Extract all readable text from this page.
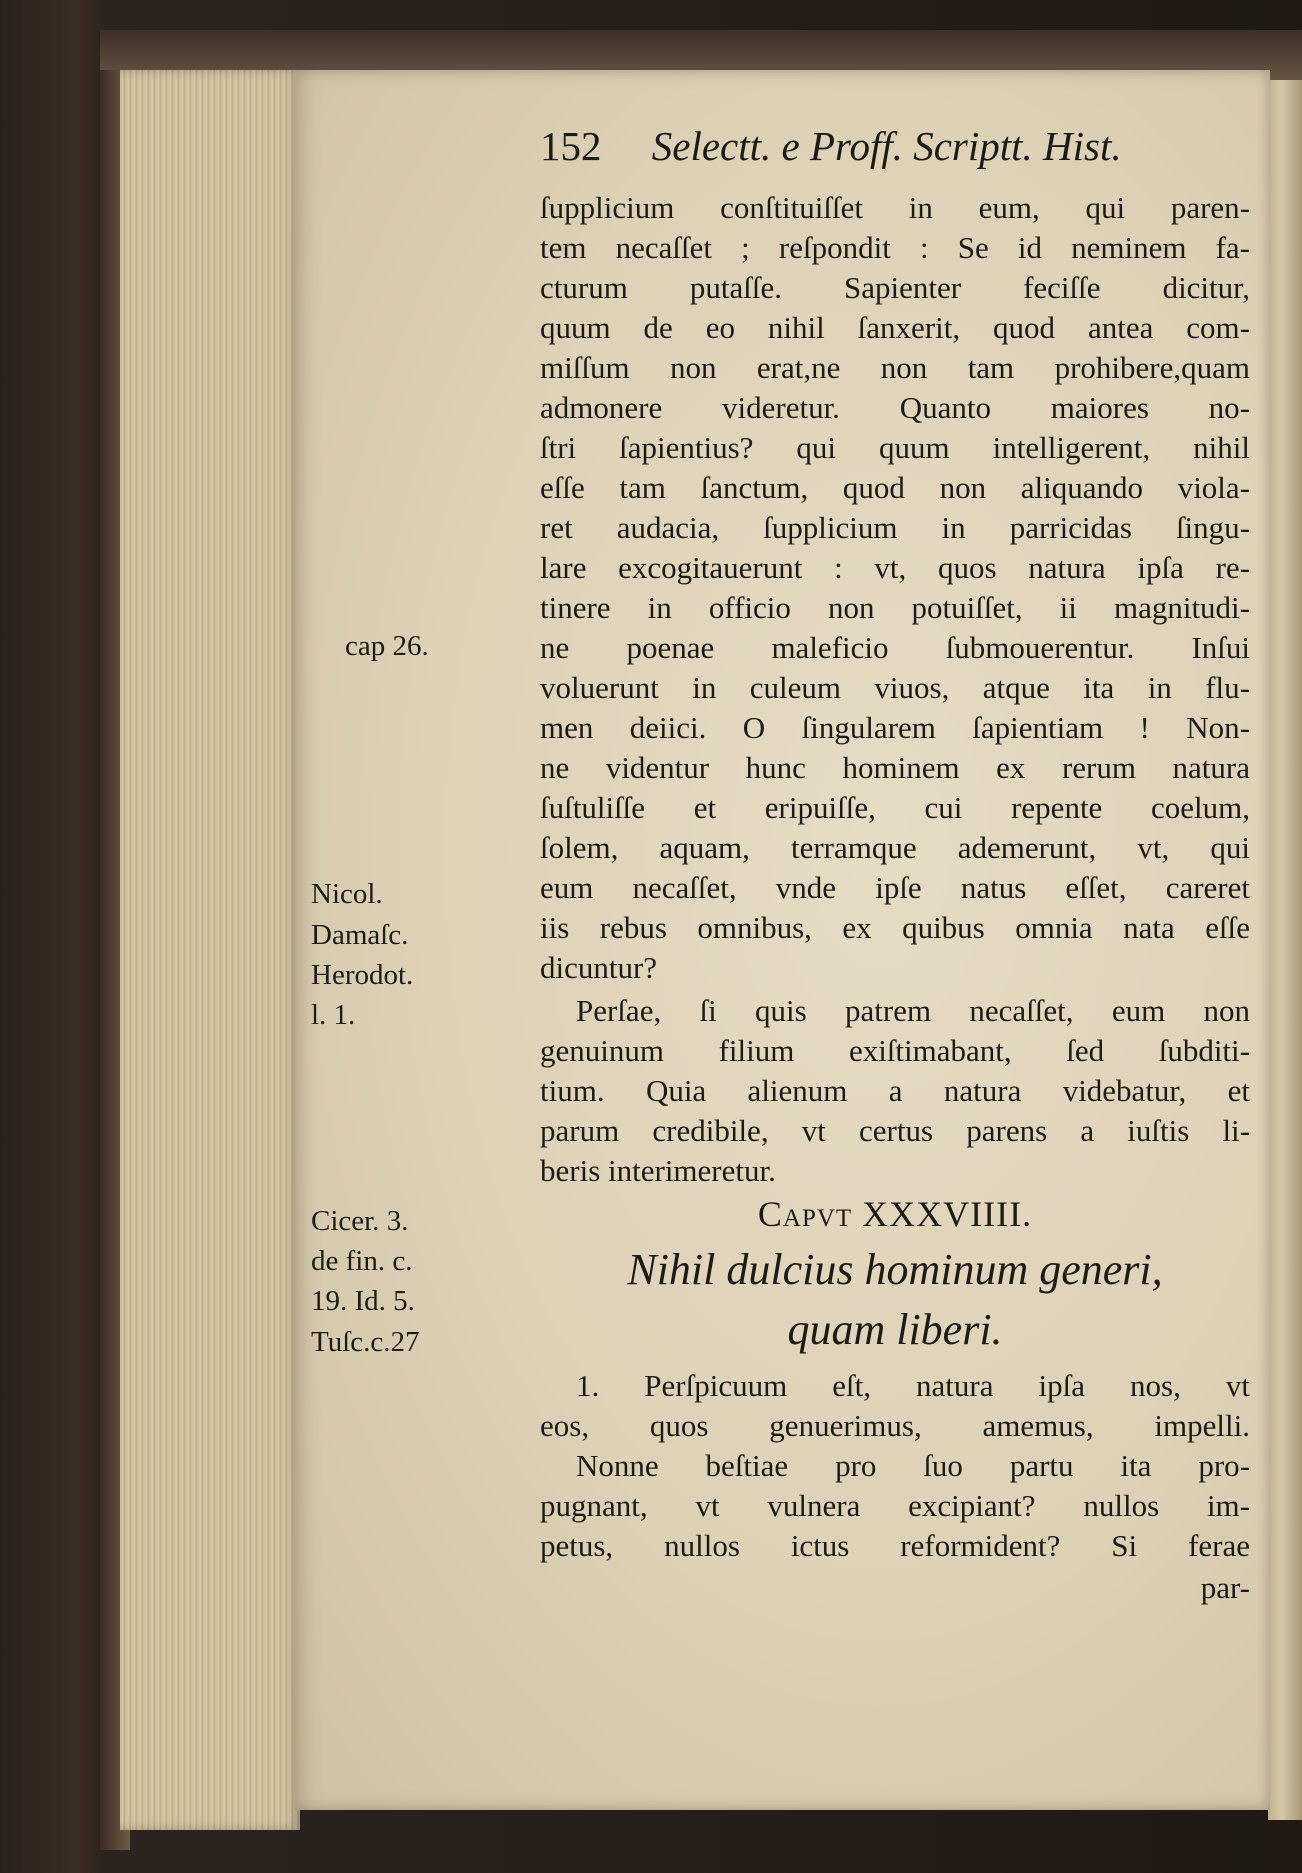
152 Selectt. e Proff. Scriptt. Hist.
cap 26.
Nicol.
Damaſc.
Herodot.
l. 1.
Cicer. 3.
de fin. c.
19. Id. 5.
Tuſc.c.27
ſupplicium conſtituiſſet in eum, qui paren-
tem necaſſet ; reſpondit : Se id neminem fa-
cturum putaſſe. Sapienter feciſſe dicitur,
quum de eo nihil ſanxerit, quod antea com-
miſſum non erat,ne non tam prohibere,quam
admonere videretur. Quanto maiores no-
ſtri ſapientius? qui quum intelligerent, nihil
eſſe tam ſanctum, quod non aliquando viola-
ret audacia, ſupplicium in parricidas ſingu-
lare excogitauerunt : vt, quos natura ipſa re-
tinere in officio non potuiſſet, ii magnitudi-
ne poenae maleficio ſubmouerentur. Inſui
voluerunt in culeum viuos, atque ita in flu-
men deiici. O ſingularem ſapientiam ! Non-
ne videntur hunc hominem ex rerum natura
ſuſtuliſſe et eripuiſſe, cui repente coelum,
ſolem, aquam, terramque ademerunt, vt, qui
eum necaſſet, vnde ipſe natus eſſet, careret
iis rebus omnibus, ex quibus omnia nata eſſe
dicuntur?
Perſae, ſi quis patrem necaſſet, eum non
genuinum filium exiſtimabant, ſed ſubditi-
tium. Quia alienum a natura videbatur, et
parum credibile, vt certus parens a iuſtis li-
beris interimeretur.
Capvt XXXVIIII.
Nihil dulcius hominum generi,
quam liberi.
1. Perſpicuum eſt, natura ipſa nos, vt
eos, quos genuerimus, amemus, impelli.
Nonne beſtiae pro ſuo partu ita pro-
pugnant, vt vulnera excipiant? nullos im-
petus, nullos ictus reformident? Si ferae
par-
